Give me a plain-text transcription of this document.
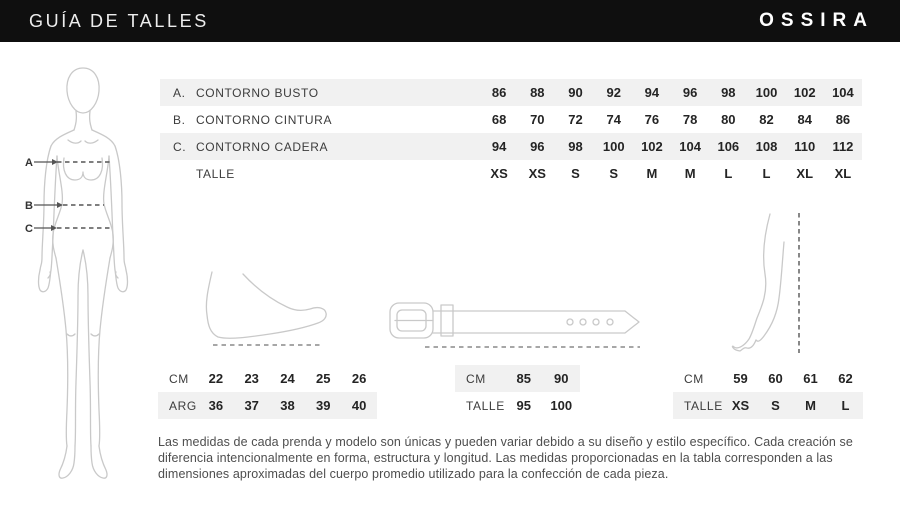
GUÍA DE TALLES	OSSIRA
A
B
C
A. CONTORNO BUSTO	86	88	90	92	94	96	98	100	102	104
B. CONTORNO CINTURA	68	70	72	74	76	78	80	82	84	86
C. CONTORNO CADERA	94	96	98	100	102	104	106	108	110	112
TALLE	XS	XS	S	S	M	M	L	L	XL	XL
CM	22	23	24	25	26
ARG 36	37	38	39	40
CM	85	90
TALLE 95	100
CM	59	60	61	62
TALLE XS	S	M	L

Las medidas de cada prenda y modelo son únicas y pueden variar debido a su diseño y estilo específico. Cada creación se diferencia intencionalmente en forma, estructura y longitud. Las medidas proporcionadas en la tabla corresponden a las dimensiones aproximadas del cuerpo promedio utilizado para la confección de cada pieza.
